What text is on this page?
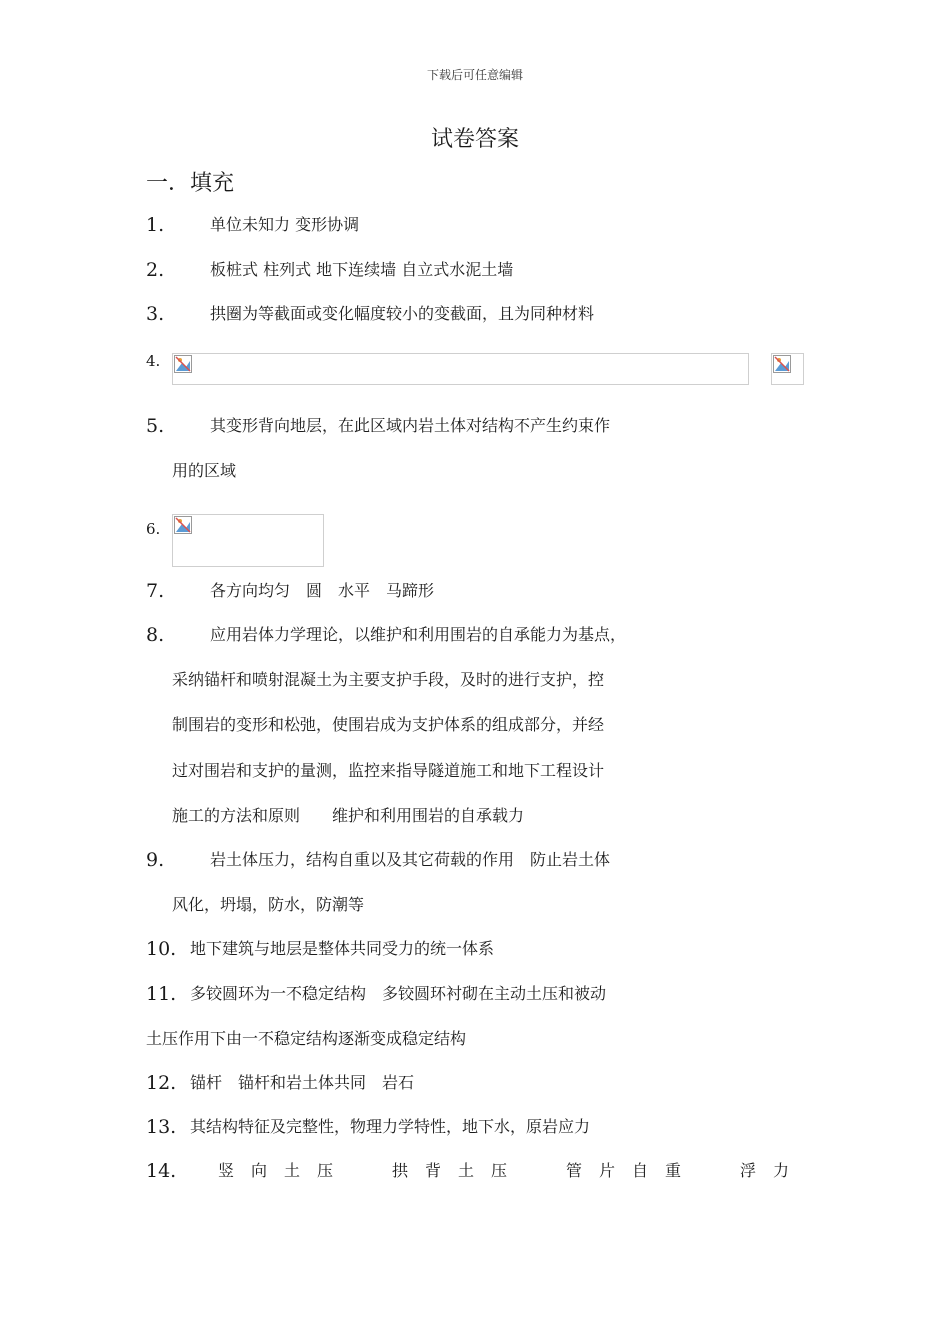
下载后可任意编辑
试卷答案
一．填充
1.	单位未知力 变形协调
2.	板桩式 柱列式 地下连续墙 自立式水泥土墙
3.	拱圈为等截面或变化幅度较小的变截面，且为同种材料
4.
5.	其变形背向地层，在此区域内岩土体对结构不产生约束作
用的区域
6.
7.	各方向均匀　圆　水平　马蹄形
8.	应用岩体力学理论，以维护和利用围岩的自承能力为基点，
采纳锚杆和喷射混凝土为主要支护手段，及时的进行支护，控
制围岩的变形和松弛，使围岩成为支护体系的组成部分，并经
过对围岩和支护的量测，监控来指导隧道施工和地下工程设计
施工的方法和原则　　维护和利用围岩的自承载力
9.	岩土体压力，结构自重以及其它荷载的作用　防止岩土体
风化，坍塌，防水，防潮等
10. 地下建筑与地层是整体共同受力的统一体系
11. 多铰圆环为一不稳定结构　多铰圆环衬砌在主动土压和被动
土压作用下由一不稳定结构逐渐变成稳定结构
12. 锚杆　锚杆和岩土体共同　岩石
13. 其结构特征及完整性，物理力学特性，地下水，原岩应力
14.	竖向土压	拱背土压	管片自重	浮力
